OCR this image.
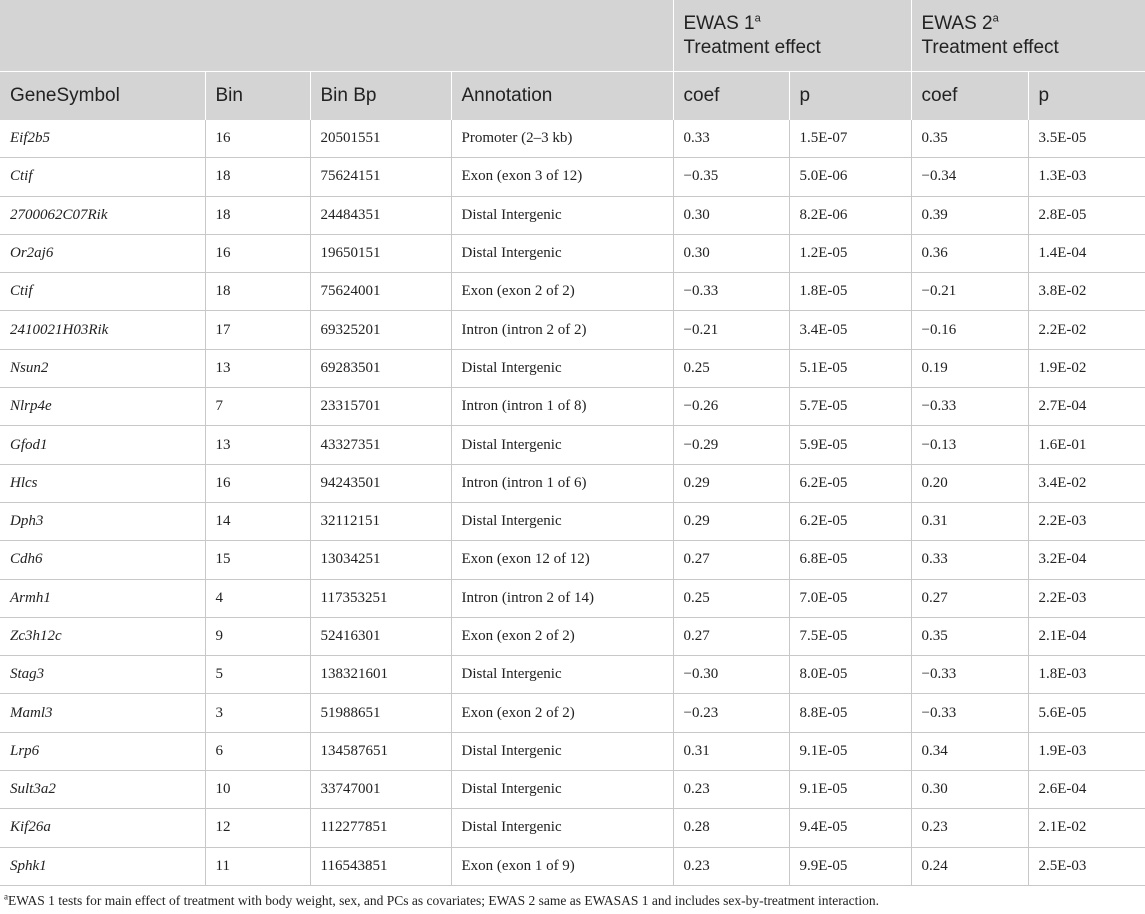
				EWAS 1$^a$
Treatment effect		EWAS 2$^a$
Treatment effect	
GeneSymbol	Bin	Bin Bp	Annotation	coef	p	coef	p
Eif2b5	16	20501551	Promoter (2–3 kb)	0.33	1.5E-07	0.35	3.5E-05
Ctif	18	75624151	Exon (exon 3 of 12)	−0.35	5.0E-06	−0.34	1.3E-03
2700062C07Rik	18	24484351	Distal Intergenic	0.30	8.2E-06	0.39	2.8E-05
Or2aj6	16	19650151	Distal Intergenic	0.30	1.2E-05	0.36	1.4E-04
Ctif	18	75624001	Exon (exon 2 of 2)	−0.33	1.8E-05	−0.21	3.8E-02
2410021H03Rik	17	69325201	Intron (intron 2 of 2)	−0.21	3.4E-05	−0.16	2.2E-02
Nsun2	13	69283501	Distal Intergenic	0.25	5.1E-05	0.19	1.9E-02
Nlrp4e	7	23315701	Intron (intron 1 of 8)	−0.26	5.7E-05	−0.33	2.7E-04
Gfod1	13	43327351	Distal Intergenic	−0.29	5.9E-05	−0.13	1.6E-01
Hlcs	16	94243501	Intron (intron 1 of 6)	0.29	6.2E-05	0.20	3.4E-02
Dph3	14	32112151	Distal Intergenic	0.29	6.2E-05	0.31	2.2E-03
Cdh6	15	13034251	Exon (exon 12 of 12)	0.27	6.8E-05	0.33	3.2E-04
Armh1	4	117353251	Intron (intron 2 of 14)	0.25	7.0E-05	0.27	2.2E-03
Zc3h12c	9	52416301	Exon (exon 2 of 2)	0.27	7.5E-05	0.35	2.1E-04
Stag3	5	138321601	Distal Intergenic	−0.30	8.0E-05	−0.33	1.8E-03
Maml3	3	51988651	Exon (exon 2 of 2)	−0.23	8.8E-05	−0.33	5.6E-05
Lrp6	6	134587651	Distal Intergenic	0.31	9.1E-05	0.34	1.9E-03
Sult3a2	10	33747001	Distal Intergenic	0.23	9.1E-05	0.30	2.6E-04
Kif26a	12	112277851	Distal Intergenic	0.28	9.4E-05	0.23	2.1E-02
Sphk1	11	116543851	Exon (exon 1 of 9)	0.23	9.9E-05	0.24	2.5E-03
$^a$EWAS 1 tests for main effect of treatment with body weight, sex, and PCs as covariates; EWAS 2 same as EWASAS 1 and includes sex-by-treatment interaction.
